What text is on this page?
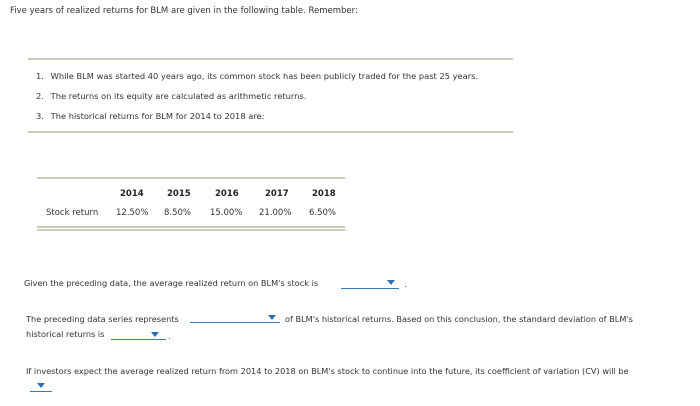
Five years of realized returns for BLM are given in the following table. Remember:
1. While BLM was started 40 years ago, its common stock has been publicly traded for the past 25 years.
2. The returns on its equity are calculated as arithmetic returns.
3. The historical returns for BLM for 2014 to 2018 are:
2014	2015	2016	2017	2018
Stock return 12.50% 8.50% 15.00% 21.00% 6.50%
Given the preceding data, the average realized return on BLM's stock is	.
The preceding data series represents	of BLM's historical returns. Based on this conclusion, the standard deviation of BLM's
historical returns is	.
If investors expect the average realized return from 2014 to 2018 on BLM's stock to continue into the future, its coefficient of variation (CV) will be
